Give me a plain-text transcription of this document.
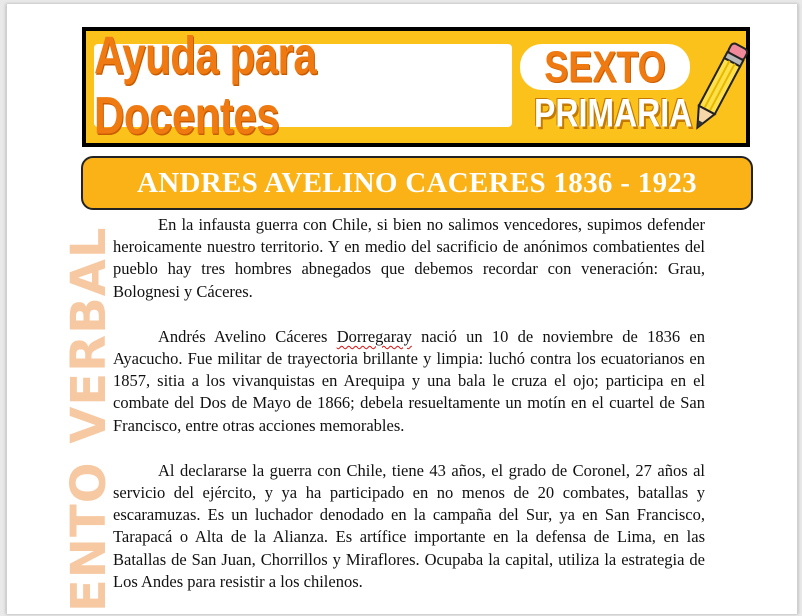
ENTO VERBAL
Ayuda para Docentes
SEXTO
PRIMARIA
ANDRES AVELINO CACERES 1836 - 1923

En la infausta guerra con Chile, si bien no salimos vencedores, supimos defender heroicamente nuestro territorio. Y en medio del sacrificio de anónimos combatientes del pueblo hay tres hombres abnegados que debemos recordar con veneración: Grau, Bolognesi y Cáceres.

Andrés Avelino Cáceres Dorregaray nació un 10 de noviembre de 1836 en Ayacucho. Fue militar de trayectoria brillante y limpia: luchó contra los ecuatorianos en 1857, sitia a los vivanquistas en Arequipa y una bala le cruza el ojo; participa en el combate del Dos de Mayo de 1866; debela resueltamente un motín en el cuartel de San Francisco, entre otras acciones memorables.

Al declararse la guerra con Chile, tiene 43 años, el grado de Coronel, 27 años al servicio del ejército, y ya ha participado en no menos de 20 combates, batallas y escaramuzas. Es un luchador denodado en la campaña del Sur, ya en San Francisco, Tarapacá o Alta de la Alianza. Es artífice importante en la defensa de Lima, en las Batallas de San Juan, Chorrillos y Miraflores. Ocupaba la capital, utiliza la estrategia de Los Andes para resistir a los chilenos.
